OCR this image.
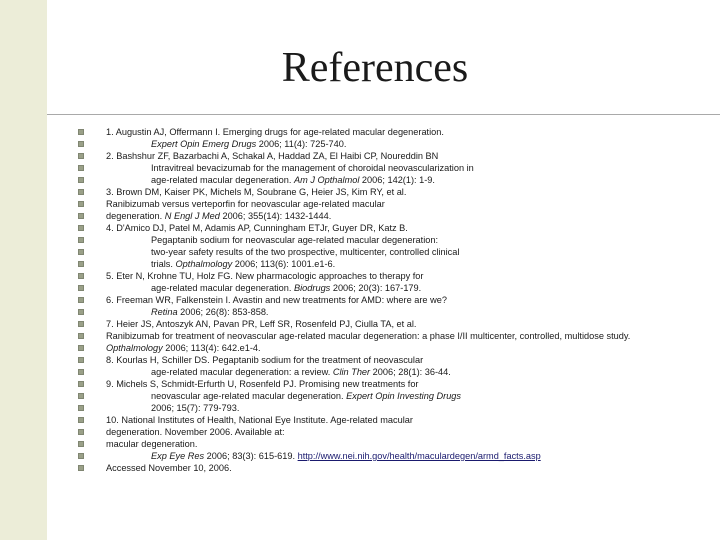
References
1. Augustin AJ, Offermann I. Emerging drugs for age-related macular degeneration.
Expert Opin Emerg Drugs 2006; 11(4): 725-740.
2. Bashshur ZF, Bazarbachi A, Schakal A, Haddad ZA, El Haibi CP, Noureddin BN
Intravitreal bevacizumab for the management of choroidal neovascularization in
age-related macular degeneration. Am J Opthalmol 2006; 142(1): 1-9.
3. Brown DM, Kaiser PK, Michels M, Soubrane G, Heier JS, Kim RY, et al.
Ranibizumab versus verteporfin for neovascular age-related macular
degeneration. N Engl J Med 2006; 355(14): 1432-1444.
4. D'Amico DJ, Patel M, Adamis AP, Cunningham ETJr, Guyer DR, Katz B.
Pegaptanib sodium for neovascular age-related macular degeneration:
two-year safety results of the two prospective, multicenter, controlled clinical
trials. Opthalmology 2006; 113(6): 1001.e1-6.
5. Eter N, Krohne TU, Holz FG. New pharmacologic approaches to therapy for
age-related macular degeneration. Biodrugs 2006; 20(3): 167-179.
6. Freeman WR, Falkenstein I. Avastin and new treatments for AMD: where are we?
Retina 2006; 26(8): 853-858.
7. Heier JS, Antoszyk AN, Pavan PR, Leff SR, Rosenfeld PJ, Ciulla TA, et al.
Ranibizumab for treatment of neovascular age-related macular degeneration: a phase I/II multicenter, controlled, multidose study.
Opthalmology 2006; 113(4): 642.e1-4.
8. Kourlas H, Schiller DS. Pegaptanib sodium for the treatment of neovascular
age-related macular degeneration: a review. Clin Ther 2006; 28(1): 36-44.
9. Michels S, Schmidt-Erfurth U, Rosenfeld PJ. Promising new treatments for
neovascular age-related macular degeneration. Expert Opin Investing Drugs
2006; 15(7): 779-793.
10. National Institutes of Health, National Eye Institute. Age-related macular
degeneration. November 2006. Available at:
macular degeneration.
Exp Eye Res 2006; 83(3): 615-619. http://www.nei.nih.gov/health/maculardegen/armd_facts.asp
Accessed November 10, 2006.
